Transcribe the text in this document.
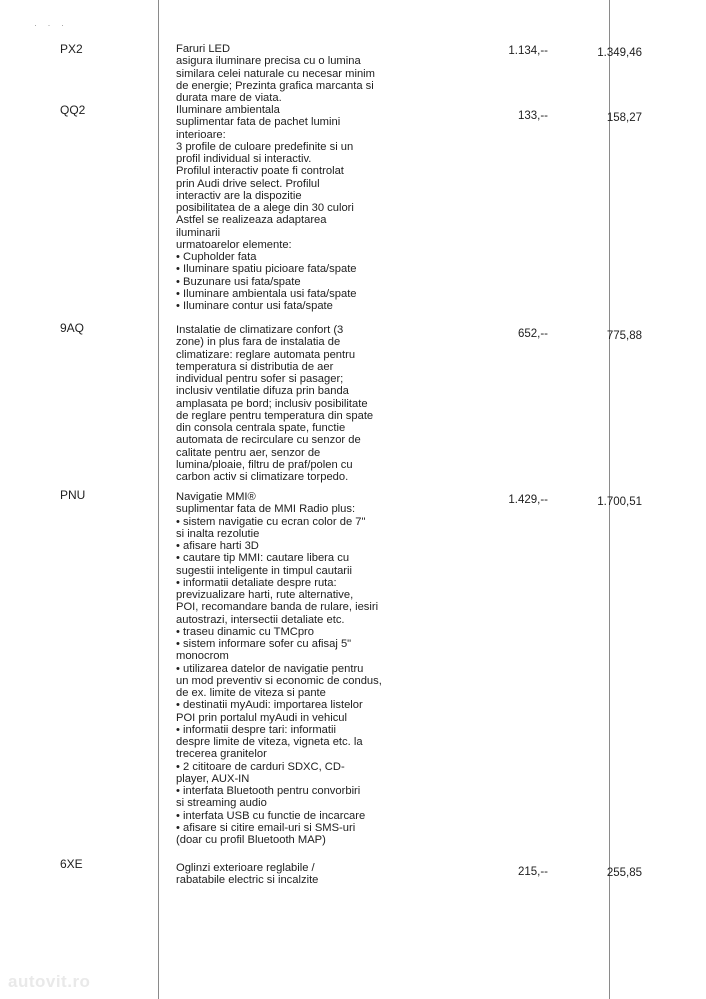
· · ·
PX2	Faruri LED
asigura iluminare precisa cu o lumina
similara celei naturale cu necesar minim
de energie; Prezinta grafica marcanta si
durata mare de viata.
1.134,--	1.349,46
QQ2	Iluminare ambientala
suplimentar fata de pachet lumini
interioare:
3 profile de culoare predefinite si un
profil individual si interactiv.
Profilul interactiv poate fi controlat
prin Audi drive select. Profilul
interactiv are la dispozitie
posibilitatea de a alege din 30 culori
Astfel se realizeaza adaptarea
iluminarii
urmatoarelor elemente:
• Cupholder fata
• Iluminare spatiu picioare fata/spate
• Buzunare usi fata/spate
• Iluminare ambientala usi fata/spate
• Iluminare contur usi fata/spate
133,--	158,27
9AQ	Instalatie de climatizare confort (3
zone) in plus fara de instalatia de
climatizare: reglare automata pentru
temperatura si distributia de aer
individual pentru sofer si pasager;
inclusiv ventilatie difuza prin banda
amplasata pe bord; inclusiv posibilitate
de reglare pentru temperatura din spate
din consola centrala spate, functie
automata de recirculare cu senzor de
calitate pentru aer, senzor de
lumina/ploaie, filtru de praf/polen cu
carbon activ si climatizare torpedo.
652,--	775,88
PNU	Navigatie MMI®
suplimentar fata de MMI Radio plus:
• sistem navigatie cu ecran color de 7"
si inalta rezolutie
• afisare harti 3D
• cautare tip MMI: cautare libera cu
sugestii inteligente in timpul cautarii
• informatii detaliate despre ruta:
previzualizare harti, rute alternative,
POI, recomandare banda de rulare, iesiri
autostrazi, intersectii detaliate etc.
• traseu dinamic cu TMCpro
• sistem informare sofer cu afisaj 5"
monocrom
• utilizarea datelor de navigatie pentru
un mod preventiv si economic de condus,
de ex. limite de viteza si pante
• destinatii myAudi: importarea listelor
POI prin portalul myAudi in vehicul
• informatii despre tari: informatii
despre limite de viteza, vigneta etc. la
trecerea granitelor
• 2 cititoare de carduri SDXC, CD-
player, AUX-IN
• interfata Bluetooth pentru convorbiri
si streaming audio
• interfata USB cu functie de incarcare
• afisare si citire email-uri si SMS-uri
(doar cu profil Bluetooth MAP)
1.429,--	1.700,51
6XE	Oglinzi exterioare reglabile /
rabatabile electric si incalzite
215,--	255,85
autovit.ro
